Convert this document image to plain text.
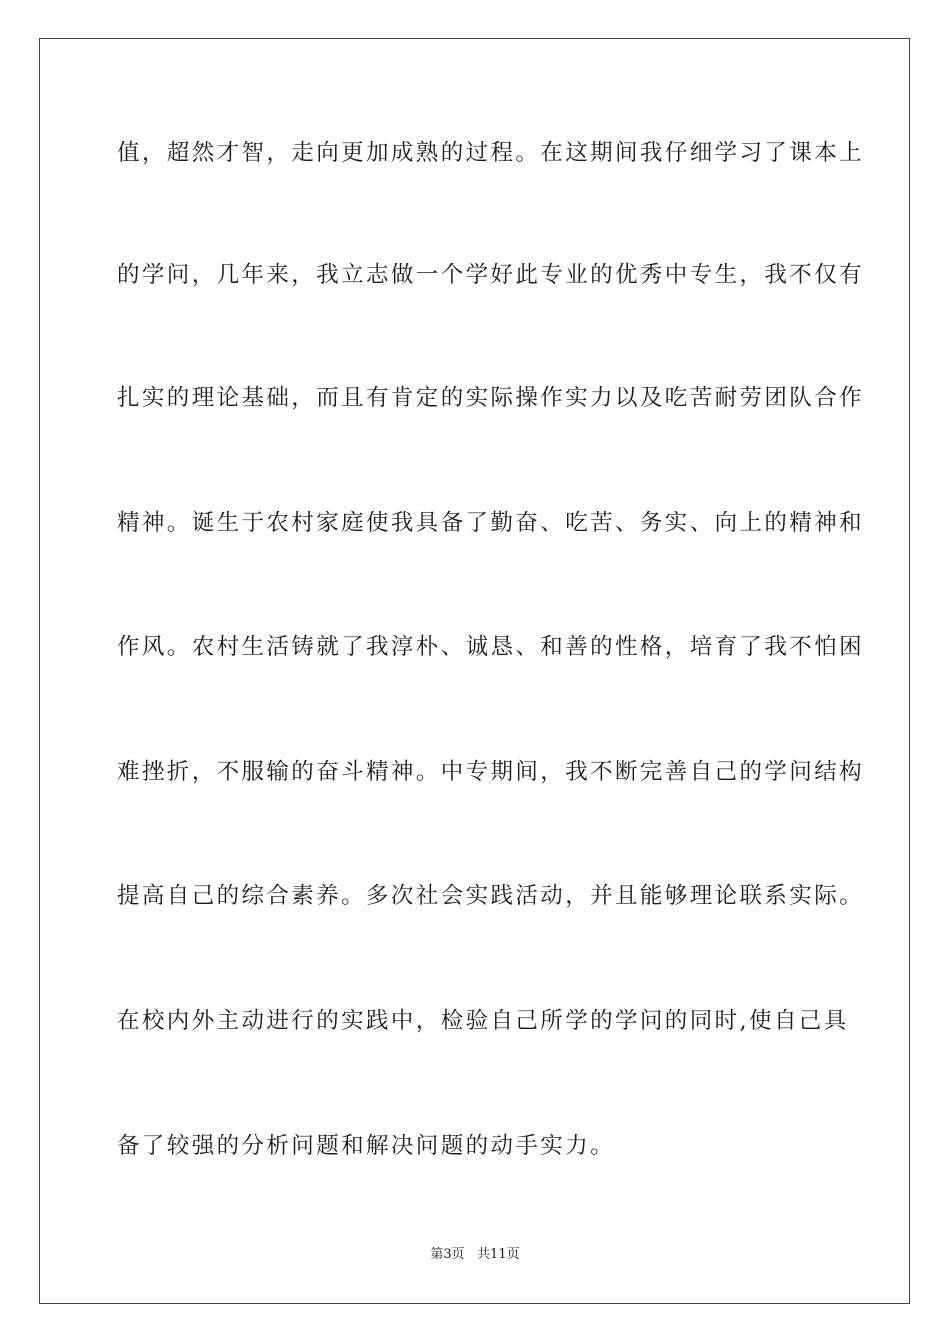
值，超然才智，走向更加成熟的过程。在这期间我仔细学习了课本上
的学问，几年来，我立志做一个学好此专业的优秀中专生，我不仅有
扎实的理论基础，而且有肯定的实际操作实力以及吃苦耐劳团队合作
精神。诞生于农村家庭使我具备了勤奋、吃苦、务实、向上的精神和
作风。农村生活铸就了我淳朴、诚恳、和善的性格，培育了我不怕困
难挫折，不服输的奋斗精神。中专期间，我不断完善自己的学问结构
提高自己的综合素养。多次社会实践活动，并且能够理论联系实际。
在校内外主动进行的实践中，检验自己所学的学问的同时,使自己具
备了较强的分析问题和解决问题的动手实力。
第3页   共11页
